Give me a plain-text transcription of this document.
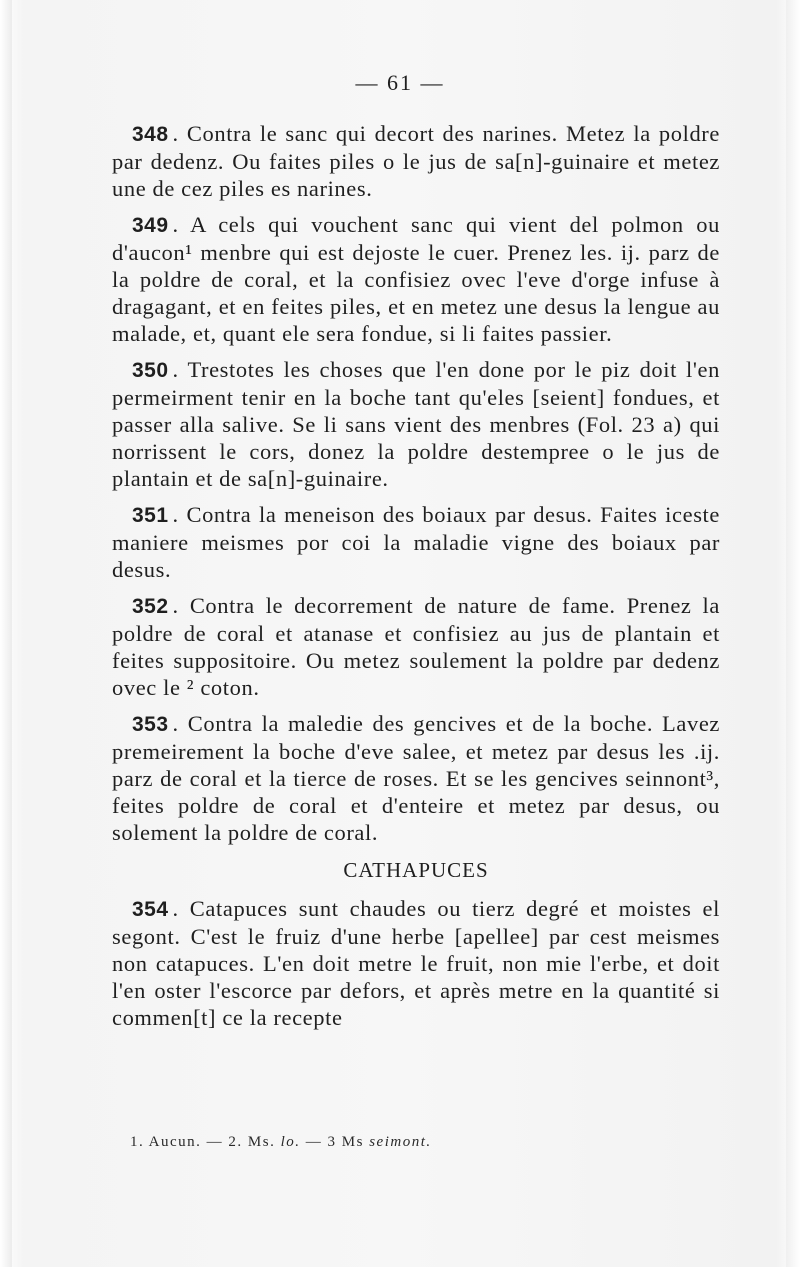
— 61 —

348 . Contra le sanc qui decort des narines. Metez la poldre par dedenz. Ou faites piles o le jus de sa[n]-guinaire et metez une de cez piles es narines.

349 . A cels qui vouchent sanc qui vient del polmon ou d'aucon¹ menbre qui est dejoste le cuer. Prenez les. ij. parz de la poldre de coral, et la confisiez ovec l'eve d'orge infuse à dragagant, et en feites piles, et en metez une desus la lengue au malade, et, quant ele sera fondue, si li faites passier.

350 . Trestotes les choses que l'en done por le piz doit l'en permeirment tenir en la boche tant qu'eles [seient] fondues, et passer alla salive. Se li sans vient des menbres (Fol. 23 a) qui norrissent le cors, donez la poldre destempree o le jus de plantain et de sa[n]-guinaire.

351 . Contra la meneison des boiaux par desus. Faites iceste maniere meismes por coi la maladie vigne des boiaux par desus.

352 . Contra le decorrement de nature de fame. Prenez la poldre de coral et atanase et confisiez au jus de plantain et feites suppositoire. Ou metez soulement la poldre par dedenz ovec le ² coton.

353 . Contra la maledie des gencives et de la boche. Lavez premeirement la boche d'eve salee, et metez par desus les .ij. parz de coral et la tierce de roses. Et se les gencives seinnont³, feites poldre de coral et d'enteire et metez par desus, ou solement la poldre de coral.

CATHAPUCES

354 . Catapuces sunt chaudes ou tierz degré et moistes el segont. C'est le fruiz d'une herbe [apellee] par cest meismes non catapuces. L'en doit metre le fruit, non mie l'erbe, et doit l'en oster l'escorce par defors, et après metre en la quantité si commen[t] ce la recepte

1. Aucun. — 2. Ms. lo. — 3 Ms seimont.
